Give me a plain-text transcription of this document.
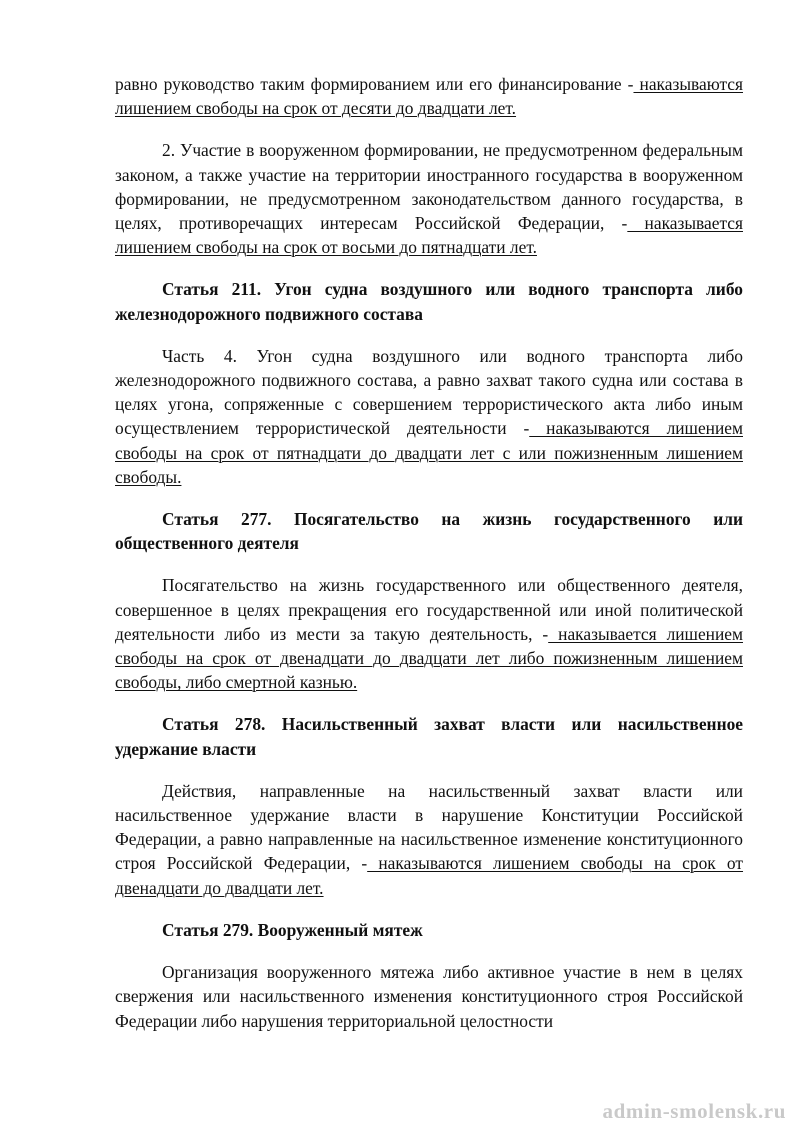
равно руководство таким формированием или его финансирование - наказываются лишением свободы на срок от десяти до двадцати лет.

2. Участие в вооруженном формировании, не предусмотренном федеральным законом, а также участие на территории иностранного государства в вооруженном формировании, не предусмотренном законодательством данного государства, в целях, противоречащих интересам Российской Федерации, - наказывается лишением свободы на срок от восьми до пятнадцати лет.

Статья 211. Угон судна воздушного или водного транспорта либо железнодорожного подвижного состава

Часть 4. Угон судна воздушного или водного транспорта либо железнодорожного подвижного состава, а равно захват такого судна или состава в целях угона, сопряженные с совершением террористического акта либо иным осуществлением террористической деятельности - наказываются лишением свободы на срок от пятнадцати до двадцати лет с или пожизненным лишением свободы.

Статья 277. Посягательство на жизнь государственного или общественного деятеля

Посягательство на жизнь государственного или общественного деятеля, совершенное в целях прекращения его государственной или иной политической деятельности либо из мести за такую деятельность, - наказывается лишением свободы на срок от двенадцати до двадцати лет либо пожизненным лишением свободы, либо смертной казнью.

Статья 278. Насильственный захват власти или насильственное удержание власти

Действия, направленные на насильственный захват власти или насильственное удержание власти в нарушение Конституции Российской Федерации, а равно направленные на насильственное изменение конституционного строя Российской Федерации, - наказываются лишением свободы на срок от двенадцати до двадцати лет.

Статья 279. Вооруженный мятеж

Организация вооруженного мятежа либо активное участие в нем в целях свержения или насильственного изменения конституционного строя Российской Федерации либо нарушения территориальной целостности

admin-smolensk.ru
